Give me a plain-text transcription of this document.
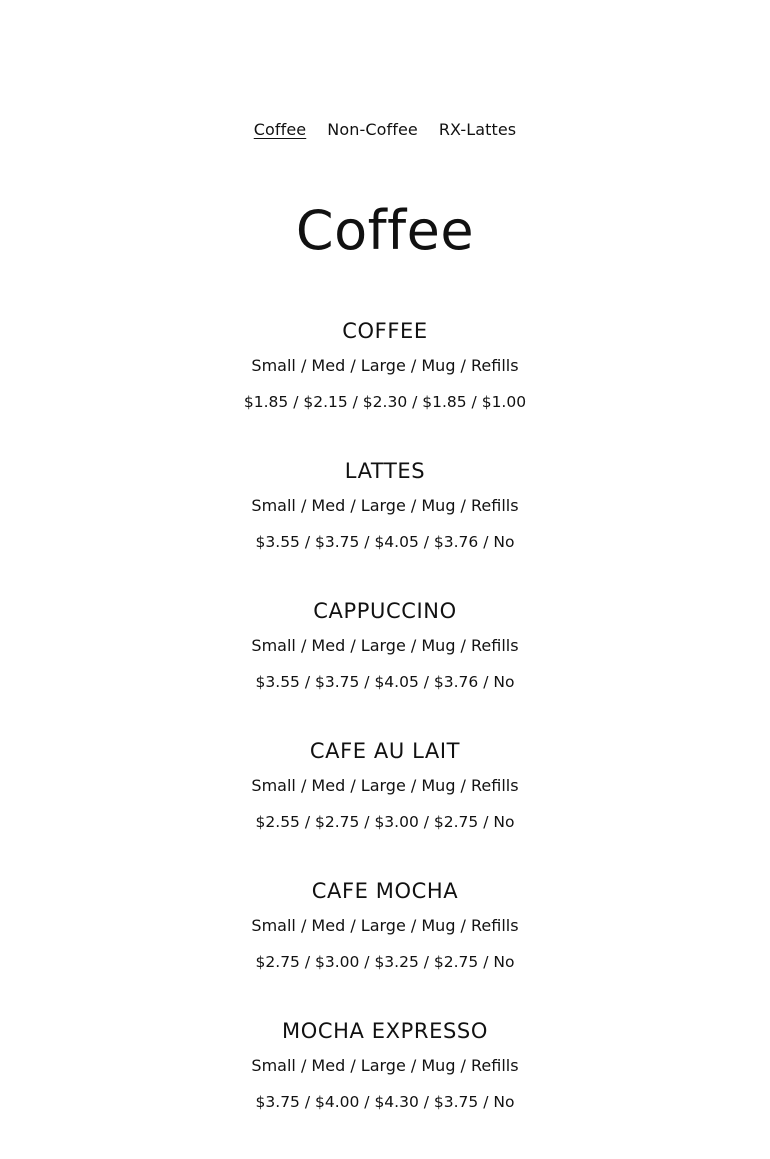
Coffee Non-Coffee RX-Lattes
Coffee
COFFEE

Small / Med / Large / Mug / Refills

$1.85 / $2.15 / $2.30 / $1.85 / $1.00

LATTES

Small / Med / Large / Mug / Refills

$3.55 / $3.75 / $4.05 / $3.76 / No

CAPPUCCINO

Small / Med / Large / Mug / Refills

$3.55 / $3.75 / $4.05 / $3.76 / No

CAFE AU LAIT

Small / Med / Large / Mug / Refills

$2.55 / $2.75 / $3.00 / $2.75 / No

CAFE MOCHA

Small / Med / Large / Mug / Refills

$2.75 / $3.00 / $3.25 / $2.75 / No

MOCHA EXPRESSO

Small / Med / Large / Mug / Refills

$3.75 / $4.00 / $4.30 / $3.75 / No
